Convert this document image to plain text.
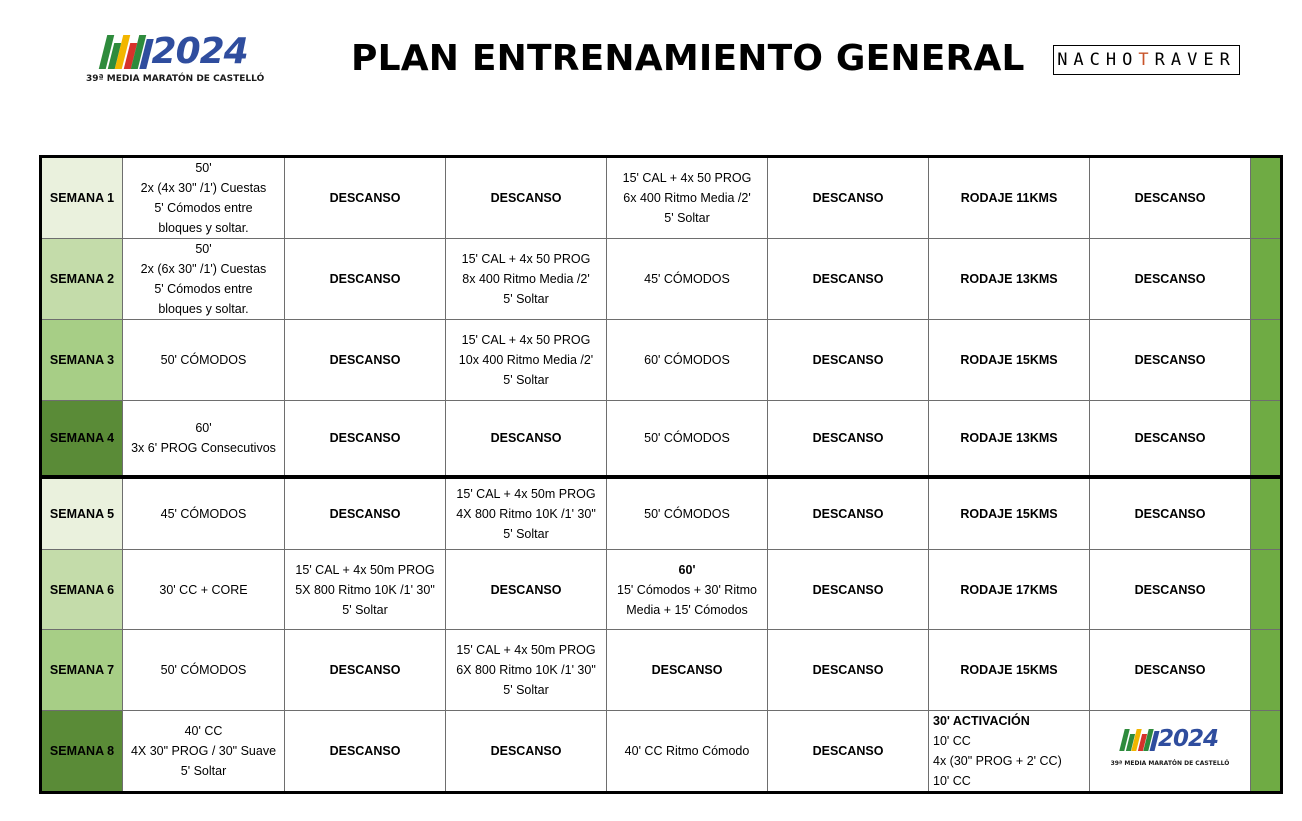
2024
39ª MEDIA MARATÓN DE CASTELLÓ PLAN ENTRENAMIENTO GENERAL NACHO T RAVER
SEMANA 1	50'
2x (4x 30" /1') Cuestas
5' Cómodos entre
bloques y soltar.	DESCANSO	DESCANSO	15' CAL + 4x 50 PROG
6x 400 Ritmo Media /2'
5' Soltar	DESCANSO	RODAJE 11KMS	DESCANSO	

SEMANA 2	50'
2x (6x 30" /1') Cuestas
5' Cómodos entre
bloques y soltar.	DESCANSO	15' CAL + 4x 50 PROG
8x 400 Ritmo Media /2'
5' Soltar	45' CÓMODOS	DESCANSO	RODAJE 13KMS	DESCANSO	

SEMANA 3	50' CÓMODOS	DESCANSO	15' CAL + 4x 50 PROG
10x 400 Ritmo Media /2'
5' Soltar	60' CÓMODOS	DESCANSO	RODAJE 15KMS	DESCANSO	

SEMANA 4	60'
3x 6' PROG Consecutivos	DESCANSO	DESCANSO	50' CÓMODOS	DESCANSO	RODAJE 13KMS	DESCANSO	

SEMANA 5	45' CÓMODOS	DESCANSO	15' CAL + 4x 50m PROG
4X 800 Ritmo 10K /1' 30"
5' Soltar	50' CÓMODOS	DESCANSO	RODAJE 15KMS	DESCANSO	

SEMANA 6	30' CC + CORE	15' CAL + 4x 50m PROG
5X 800 Ritmo 10K /1' 30"
5' Soltar	DESCANSO	60'
15' Cómodos + 30' Ritmo
Media + 15' Cómodos	DESCANSO	RODAJE 17KMS	DESCANSO	

SEMANA 7	50' CÓMODOS	DESCANSO	15' CAL + 4x 50m PROG
6X 800 Ritmo 10K /1' 30"
5' Soltar	DESCANSO	DESCANSO	RODAJE 15KMS	DESCANSO	

SEMANA 8	40' CC
4X 30" PROG / 30" Suave
5' Soltar	DESCANSO	DESCANSO	40' CC Ritmo Cómodo	DESCANSO	30' ACTIVACIÓN
10' CC
4x (30" PROG + 2' CC)
10' CC	2024
39ª MEDIA MARATÓN DE CASTELLÓ	
